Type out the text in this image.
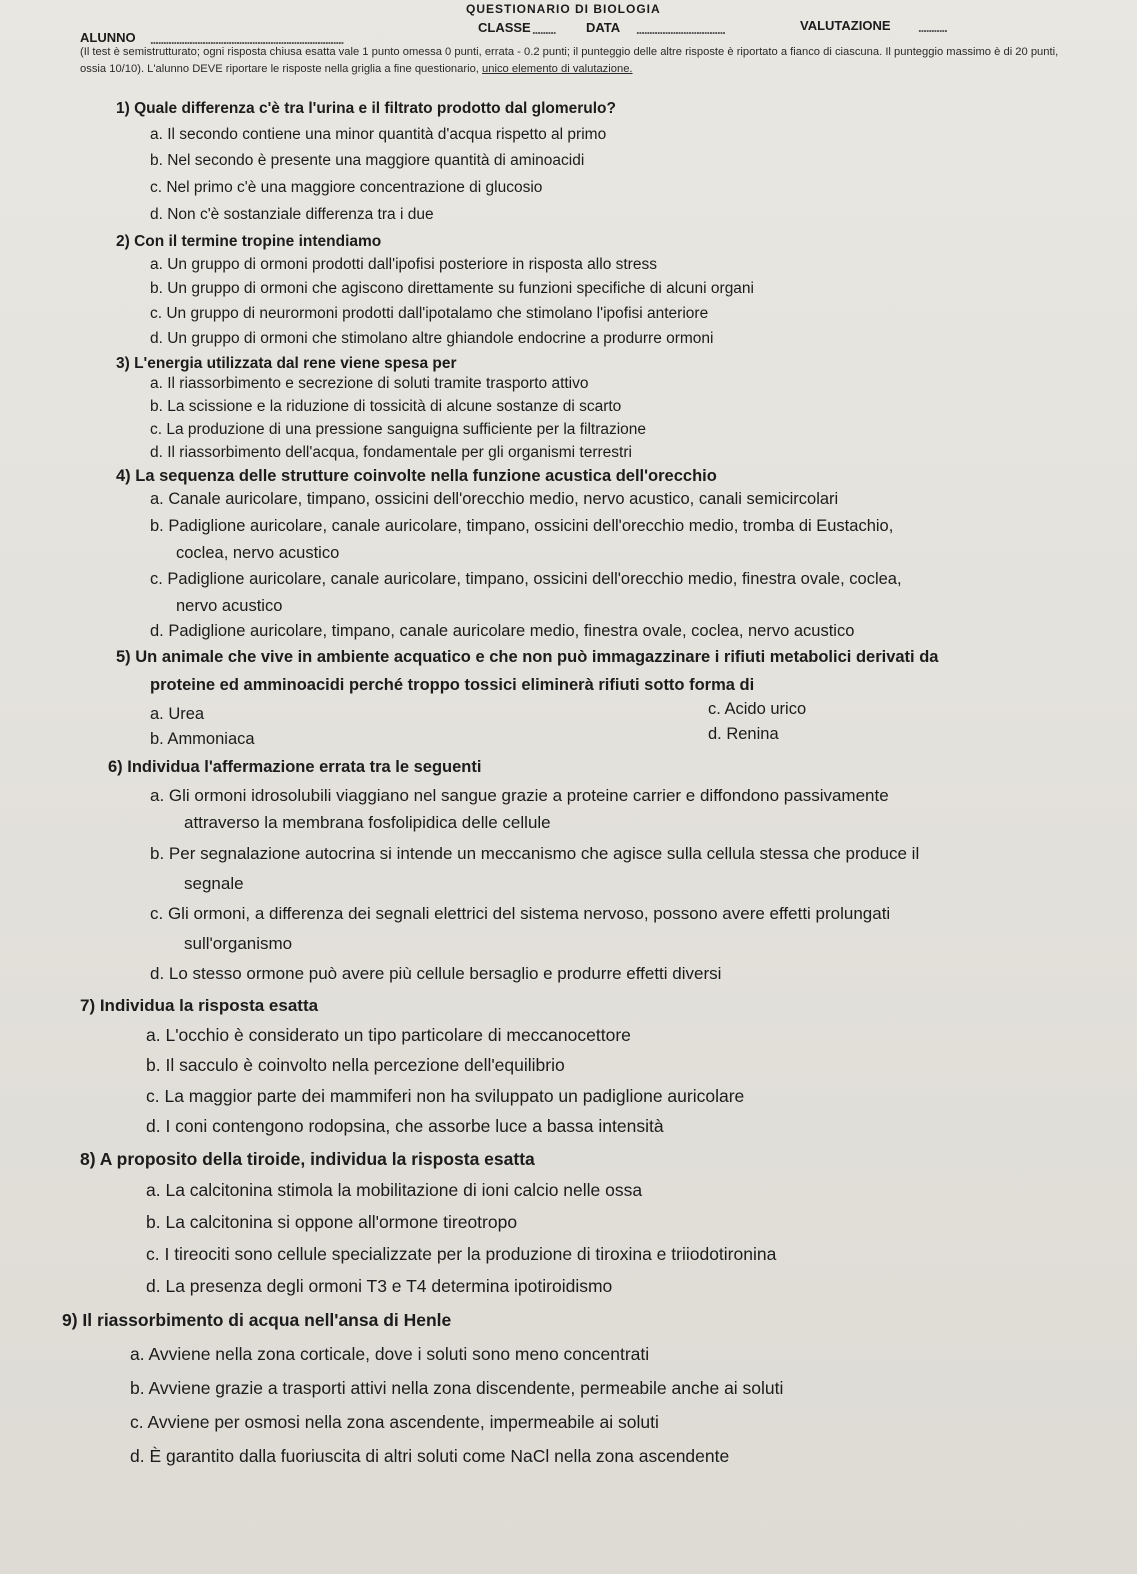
QUESTIONARIO DI BIOLOGIA
ALUNNO ..........................................................................
CLASSE ......... DATA ..................................	VALUTAZIONE ...........
(Il test è semistrutturato; ogni risposta chiusa esatta vale 1 punto omessa 0 punti, errata - 0.2 punti; il punteggio delle altre risposte è riportato a fianco di ciascuna. Il punteggio massimo è di 20 punti, ossia 10/10). L'alunno DEVE riportare le risposte nella griglia a fine questionario, unico elemento di valutazione.
1) Quale differenza c'è tra l'urina e il filtrato prodotto dal glomerulo?
a. Il secondo contiene una minor quantità d'acqua rispetto al primo
b. Nel secondo è presente una maggiore quantità di aminoacidi
c. Nel primo c'è una maggiore concentrazione di glucosio
d. Non c'è sostanziale differenza tra i due
2) Con il termine tropine intendiamo
a. Un gruppo di ormoni prodotti dall'ipofisi posteriore in risposta allo stress
b. Un gruppo di ormoni che agiscono direttamente su funzioni specifiche di alcuni organi
c. Un gruppo di neurormoni prodotti dall'ipotalamo che stimolano l'ipofisi anteriore
d. Un gruppo di ormoni che stimolano altre ghiandole endocrine a produrre ormoni
3) L'energia utilizzata dal rene viene spesa per
a. Il riassorbimento e secrezione di soluti tramite trasporto attivo
b. La scissione e la riduzione di tossicità di alcune sostanze di scarto
c. La produzione di una pressione sanguigna sufficiente per la filtrazione
d. Il riassorbimento dell'acqua, fondamentale per gli organismi terrestri
4) La sequenza delle strutture coinvolte nella funzione acustica dell'orecchio
a. Canale auricolare, timpano, ossicini dell'orecchio medio, nervo acustico, canali semicircolari
b. Padiglione auricolare, canale auricolare, timpano, ossicini dell'orecchio medio, tromba di Eustachio,
coclea, nervo acustico
c. Padiglione auricolare, canale auricolare, timpano, ossicini dell'orecchio medio, finestra ovale, coclea,
nervo acustico
d. Padiglione auricolare, timpano, canale auricolare medio, finestra ovale, coclea, nervo acustico
5) Un animale che vive in ambiente acquatico e che non può immagazzinare i rifiuti metabolici derivati da
proteine ed amminoacidi perché troppo tossici eliminerà rifiuti sotto forma di
a. Urea
b. Ammoniaca
c. Acido urico
d. Renina
6) Individua l'affermazione errata tra le seguenti
a. Gli ormoni idrosolubili viaggiano nel sangue grazie a proteine carrier e diffondono passivamente
attraverso la membrana fosfolipidica delle cellule
b. Per segnalazione autocrina si intende un meccanismo che agisce sulla cellula stessa che produce il
segnale
c. Gli ormoni, a differenza dei segnali elettrici del sistema nervoso, possono avere effetti prolungati
sull'organismo
d. Lo stesso ormone può avere più cellule bersaglio e produrre effetti diversi
7) Individua la risposta esatta
a. L'occhio è considerato un tipo particolare di meccanocettore
b. Il sacculo è coinvolto nella percezione dell'equilibrio
c. La maggior parte dei mammiferi non ha sviluppato un padiglione auricolare
d. I coni contengono rodopsina, che assorbe luce a bassa intensità
8) A proposito della tiroide, individua la risposta esatta
a. La calcitonina stimola la mobilitazione di ioni calcio nelle ossa
b. La calcitonina si oppone all'ormone tireotropo
c. I tireociti sono cellule specializzate per la produzione di tiroxina e triiodotironina
d. La presenza degli ormoni T3 e T4 determina ipotiroidismo
9) Il riassorbimento di acqua nell'ansa di Henle
a. Avviene nella zona corticale, dove i soluti sono meno concentrati
b. Avviene grazie a trasporti attivi nella zona discendente, permeabile anche ai soluti
c. Avviene per osmosi nella zona ascendente, impermeabile ai soluti
d. È garantito dalla fuoriuscita di altri soluti come NaCl nella zona ascendente
